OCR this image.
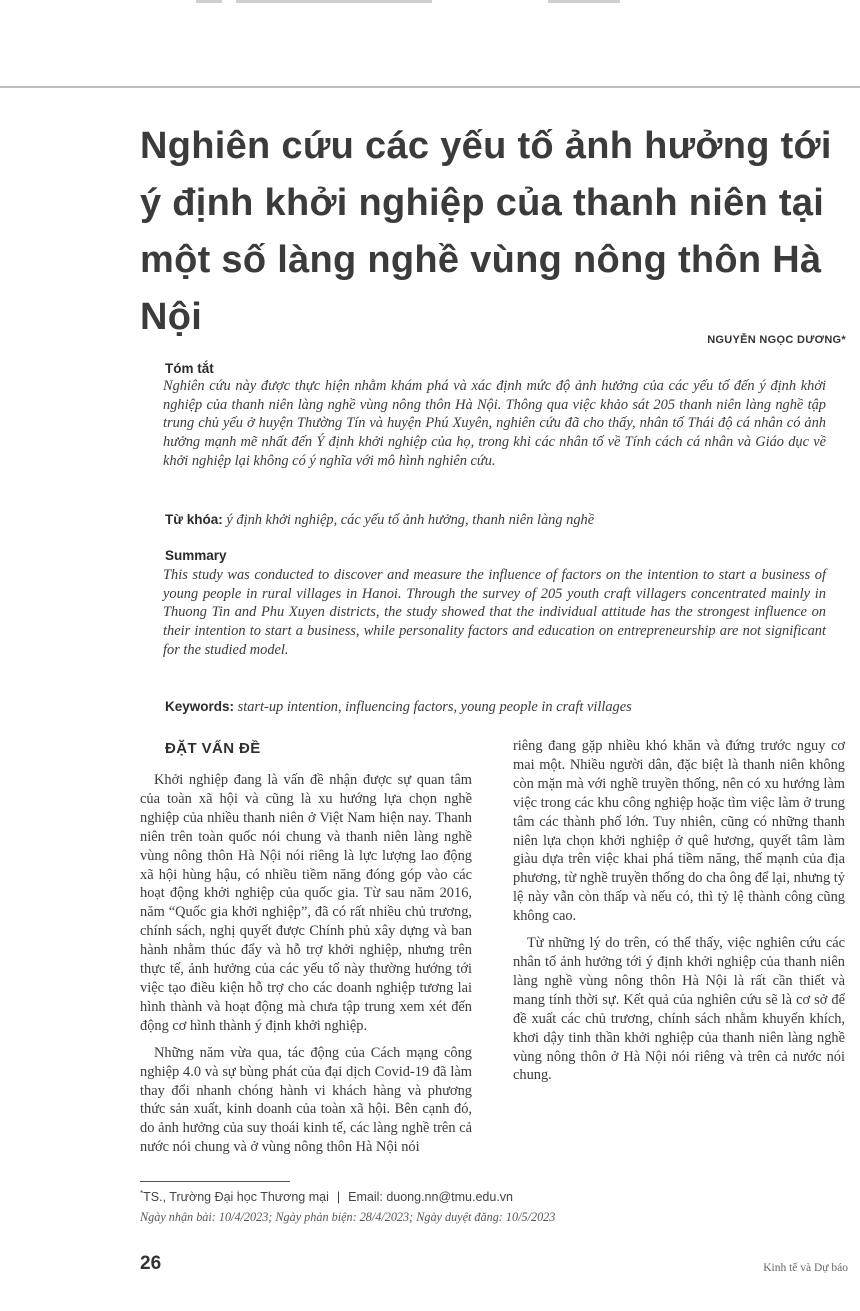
Nghiên cứu các yếu tố ảnh hưởng tới ý định khởi nghiệp của thanh niên tại một số làng nghề vùng nông thôn Hà Nội
NGUYỄN NGỌC DƯƠNG*
Tóm tắt

Nghiên cứu này được thực hiện nhằm khám phá và xác định mức độ ảnh hưởng của các yếu tố đến ý định khởi nghiệp của thanh niên làng nghề vùng nông thôn Hà Nội. Thông qua việc khảo sát 205 thanh niên làng nghề tập trung chủ yếu ở huyện Thường Tín và huyện Phú Xuyên, nghiên cứu đã cho thấy, nhân tố Thái độ cá nhân có ảnh hưởng mạnh mẽ nhất đến Ý định khởi nghiệp của họ, trong khi các nhân tố về Tính cách cá nhân và Giáo dục về khởi nghiệp lại không có ý nghĩa với mô hình nghiên cứu.

Từ khóa: ý định khởi nghiệp, các yếu tố ảnh hưởng, thanh niên làng nghề

Summary

This study was conducted to discover and measure the influence of factors on the intention to start a business of young people in rural villages in Hanoi. Through the survey of 205 youth craft villagers concentrated mainly in Thuong Tin and Phu Xuyen districts, the study showed that the individual attitude has the strongest influence on their intention to start a business, while personality factors and education on entrepreneurship are not significant for the studied model.

Keywords: start-up intention, influencing factors, young people in craft villages

ĐẶT VẤN ĐỀ

Khởi nghiệp đang là vấn đề nhận được sự quan tâm của toàn xã hội và cũng là xu hướng lựa chọn nghề nghiệp của nhiều thanh niên ở Việt Nam hiện nay. Thanh niên trên toàn quốc nói chung và thanh niên làng nghề vùng nông thôn Hà Nội nói riêng là lực lượng lao động xã hội hùng hậu, có nhiều tiềm năng đóng góp vào các hoạt động khởi nghiệp của quốc gia. Từ sau năm 2016, năm “Quốc gia khởi nghiệp”, đã có rất nhiều chủ trương, chính sách, nghị quyết được Chính phủ xây dựng và ban hành nhằm thúc đẩy và hỗ trợ khởi nghiệp, nhưng trên thực tế, ảnh hưởng của các yếu tố này thường hướng tới việc tạo điều kiện hỗ trợ cho các doanh nghiệp tương lai hình thành và hoạt động mà chưa tập trung xem xét đến động cơ hình thành ý định khởi nghiệp.

Những năm vừa qua, tác động của Cách mạng công nghiệp 4.0 và sự bùng phát của đại dịch Covid-19 đã làm thay đổi nhanh chóng hành vi khách hàng và phương thức sản xuất, kinh doanh của toàn xã hội. Bên cạnh đó, do ảnh hưởng của suy thoái kinh tế, các làng nghề trên cả nước nói chung và ở vùng nông thôn Hà Nội nói

riêng đang gặp nhiều khó khăn và đứng trước nguy cơ mai một. Nhiều người dân, đặc biệt là thanh niên không còn mặn mà với nghề truyền thống, nên có xu hướng làm việc trong các khu công nghiệp hoặc tìm việc làm ở trung tâm các thành phố lớn. Tuy nhiên, cũng có những thanh niên lựa chọn khởi nghiệp ở quê hương, quyết tâm làm giàu dựa trên việc khai phá tiềm năng, thế mạnh của địa phương, từ nghề truyền thống do cha ông để lại, nhưng tỷ lệ này vẫn còn thấp và nếu có, thì tỷ lệ thành công cũng không cao.

Từ những lý do trên, có thể thấy, việc nghiên cứu các nhân tố ảnh hưởng tới ý định khởi nghiệp của thanh niên làng nghề vùng nông thôn Hà Nội là rất cần thiết và mang tính thời sự. Kết quả của nghiên cứu sẽ là cơ sở để đề xuất các chủ trương, chính sách nhằm khuyến khích, khơi dậy tinh thần khởi nghiệp của thanh niên làng nghề vùng nông thôn ở Hà Nội nói riêng và trên cả nước nói chung.

*TS., Trường Đại học Thương mại | Email: duong.nn@tmu.edu.vn
Ngày nhận bài: 10/4/2023; Ngày phản biện: 28/4/2023; Ngày duyệt đăng: 10/5/2023
26	Kinh tế và Dự báo
